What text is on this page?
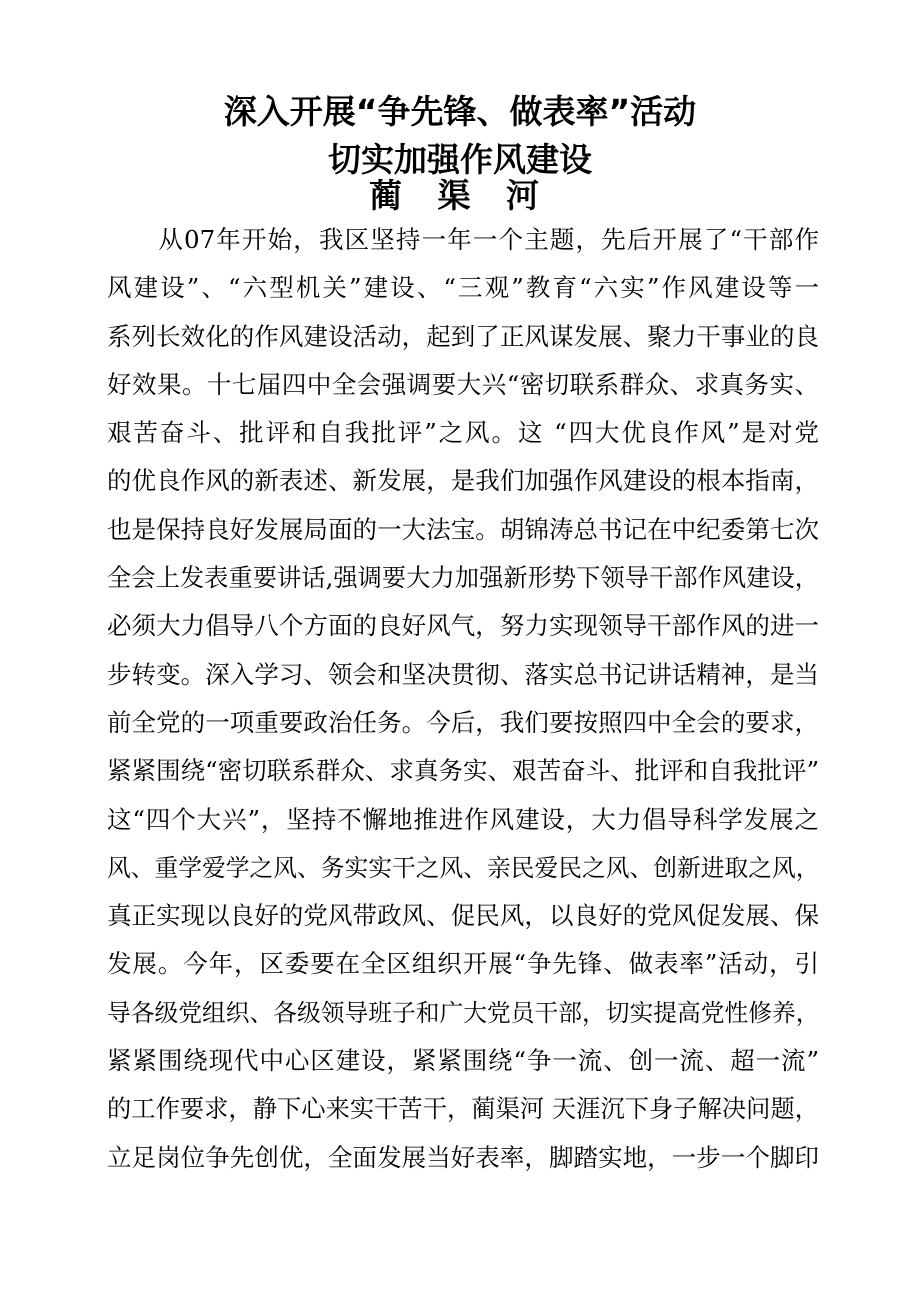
深入开展“争先锋、做表率”活动
切实加强作风建设
蔺 渠 河
　　从07年开始，我区坚持一年一个主题，先后开展了“干部作
风建设”、“六型机关”建设、“三观”教育“六实”作风建设等一
系列长效化的作风建设活动，起到了正风谋发展、聚力干事业的良
好效果。十七届四中全会强调要大兴“密切联系群众、求真务实、
艰苦奋斗、批评和自我批评”之风。这 “四大优良作风”是对党
的优良作风的新表述、新发展，是我们加强作风建设的根本指南，
也是保持良好发展局面的一大法宝。胡锦涛总书记在中纪委第七次
全会上发表重要讲话,强调要大力加强新形势下领导干部作风建设，
必须大力倡导八个方面的良好风气，努力实现领导干部作风的进一
步转变。深入学习、领会和坚决贯彻、落实总书记讲话精神，是当
前全党的一项重要政治任务。今后，我们要按照四中全会的要求，
紧紧围绕“密切联系群众、求真务实、艰苦奋斗、批评和自我批评”
这“四个大兴”，坚持不懈地推进作风建设，大力倡导科学发展之
风、重学爱学之风、务实实干之风、亲民爱民之风、创新进取之风，
真正实现以良好的党风带政风、促民风，以良好的党风促发展、保
发展。今年，区委要在全区组织开展“争先锋、做表率”活动，引
导各级党组织、各级领导班子和广大党员干部，切实提高党性修养，
紧紧围绕现代中心区建设，紧紧围绕“争一流、创一流、超一流”
的工作要求，静下心来实干苦干，蔺渠河 天涯沉下身子解决问题，
立足岗位争先创优，全面发展当好表率，脚踏实地，一步一个脚印
